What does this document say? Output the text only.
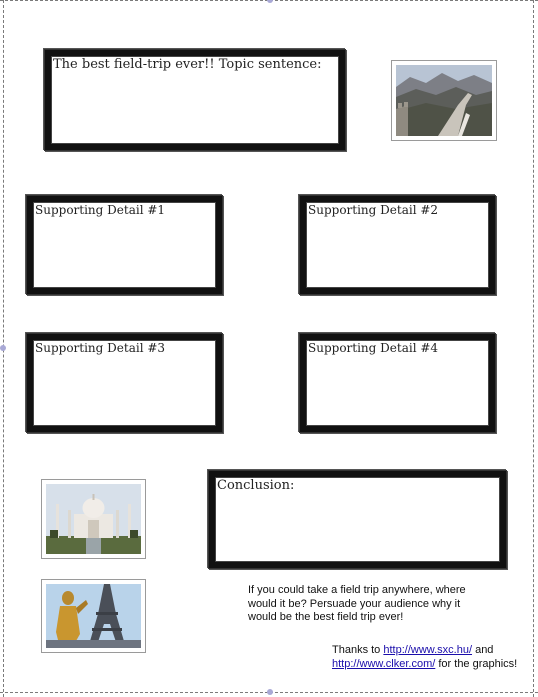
The best field-trip ever!! Topic sentence:
Supporting Detail #1	Supporting Detail #2
Supporting Detail #3	Supporting Detail #4
Conclusion:
If you could take a field trip anywhere, where would it be? Persuade your audience why it would be the best field trip ever!
Thanks to http://www.sxc.hu/ and http://www.clker.com/ for the graphics!
